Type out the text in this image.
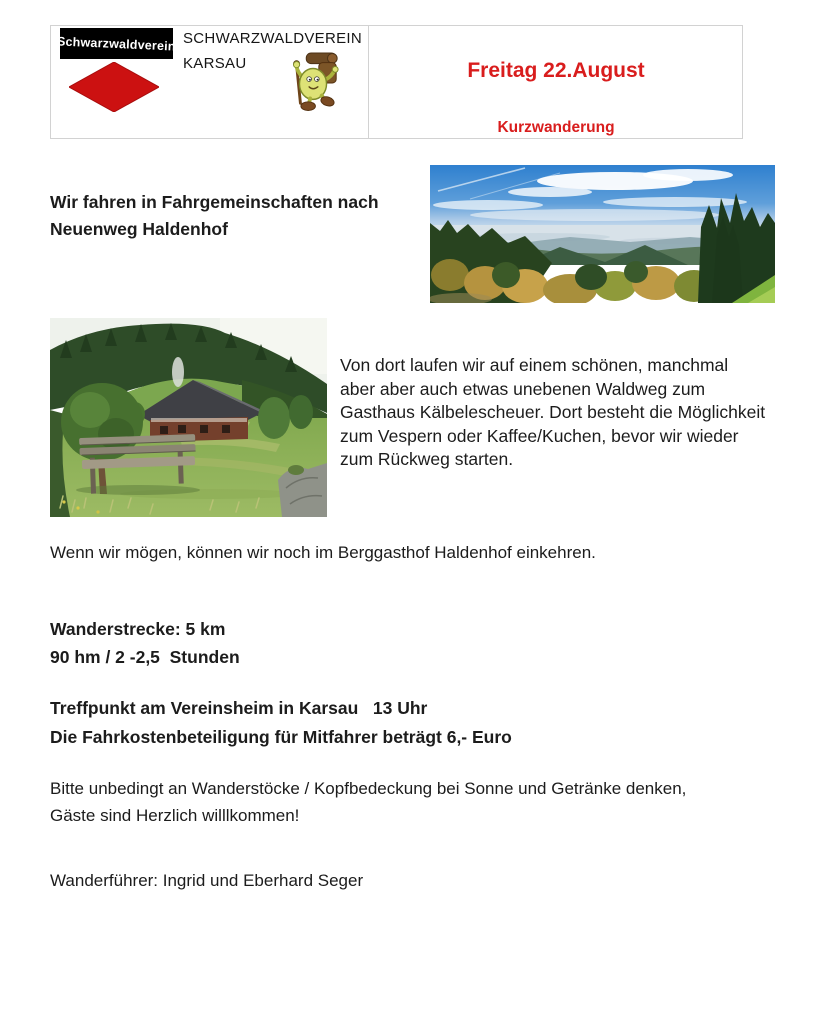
Schwarzwaldverein SCHWARZWALDVEREIN
KARSAU	Freitag 22.August
Kurzwanderung
Wir fahren in Fahrgemeinschaften nach
Neuenweg Haldenhof
Von dort laufen wir auf einem schönen, manchmal
aber aber auch etwas unebenen Waldweg zum
Gasthaus Kälbelescheuer. Dort besteht die Möglichkeit
zum Vespern oder Kaffee/Kuchen, bevor wir wieder
zum Rückweg starten.
Wenn wir mögen, können wir noch im Berggasthof Haldenhof einkehren.
Wanderstrecke: 5 km
90 hm / 2 -2,5  Stunden
Treffpunkt am Vereinsheim in Karsau   13 Uhr
Die Fahrkostenbeteiligung für Mitfahrer beträgt 6,- Euro
Bitte unbedingt an Wanderstöcke / Kopfbedeckung bei Sonne und Getränke denken,
Gäste sind Herzlich willlkommen!
Wanderführer: Ingrid und Eberhard Seger
